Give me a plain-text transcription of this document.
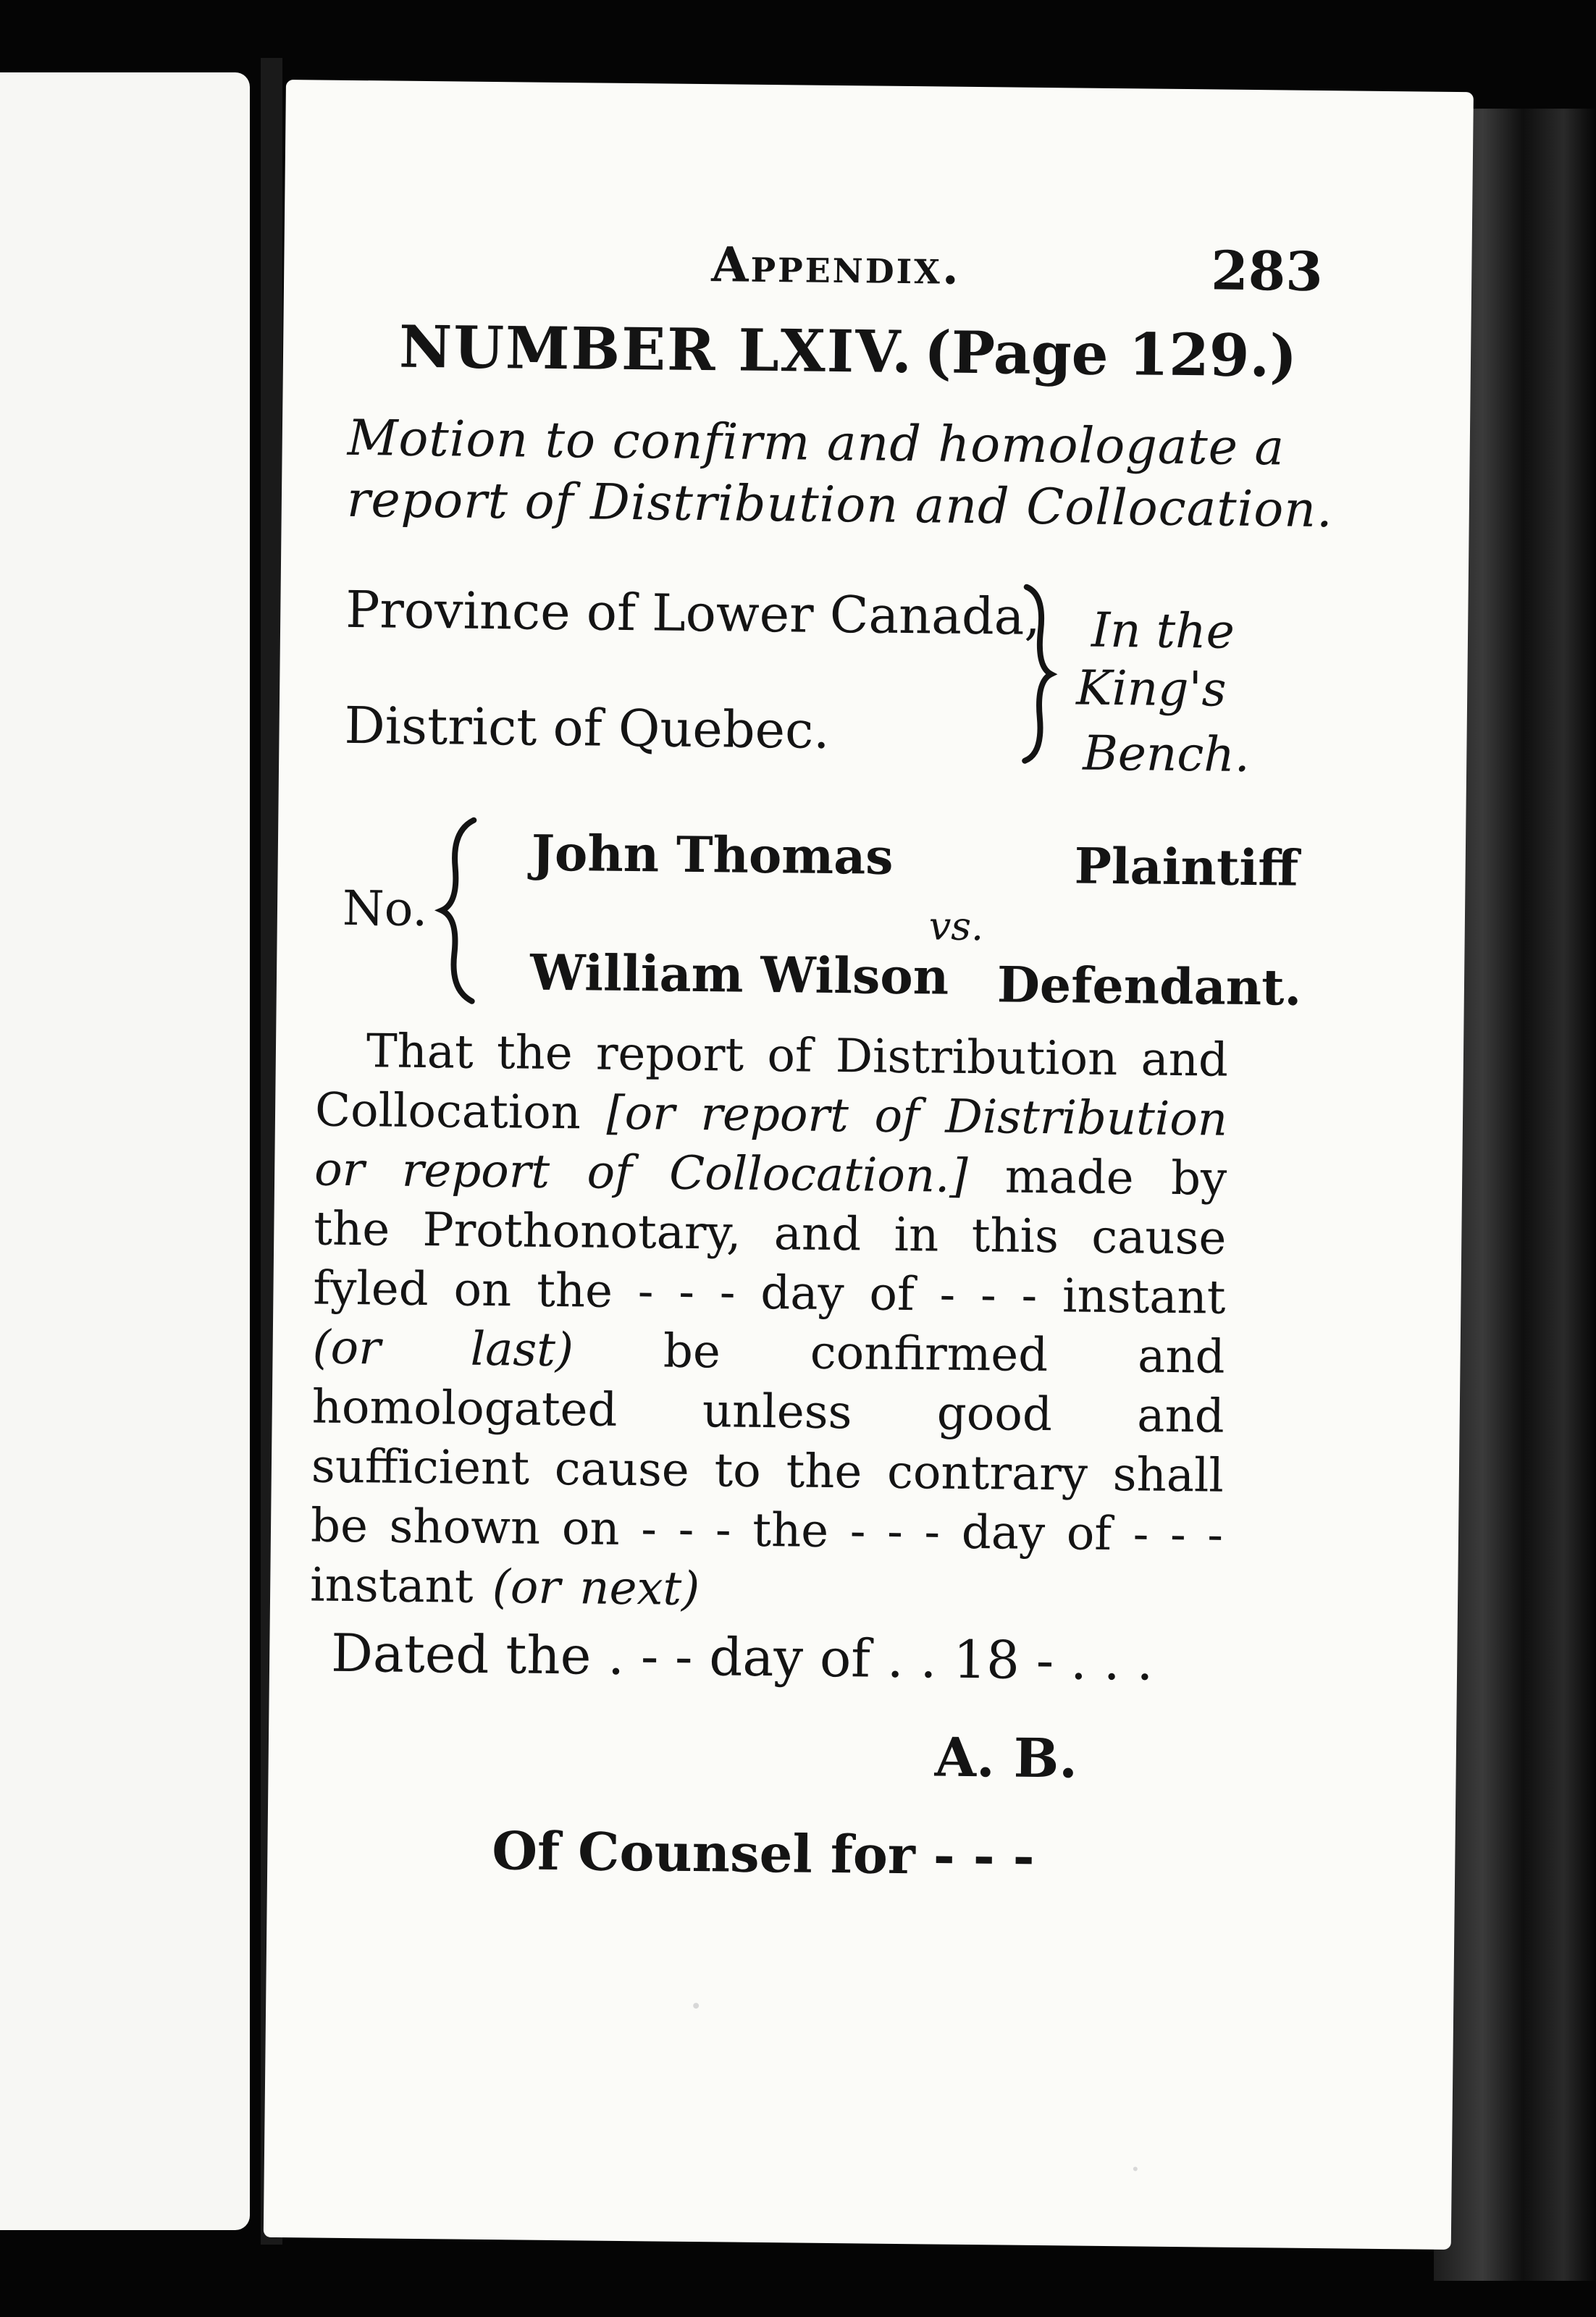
Appendix.	283
NUMBER LXIV. (Page 129.)
Motion to confirm and homologate a
report of Distribution and Collocation.
Province of Lower Canada,
District of Quebec.
In the
King's
Bench.
No.
John Thomas	Plaintiff
vs.
William Wilson Defendant.
That the report of Distribution and Collocation [or report of Distribution or report of Collocation.] made by the Prothonotary, and in this cause fyled on the - - - day of - - - instant (or last) be confirmed and homologated unless good and sufficient cause to the contrary shall be shown on - - - the - - - day of - - - instant (or next)
Dated the . - - day of . . 18 - . . .
A. B.
Of Counsel for - - -
